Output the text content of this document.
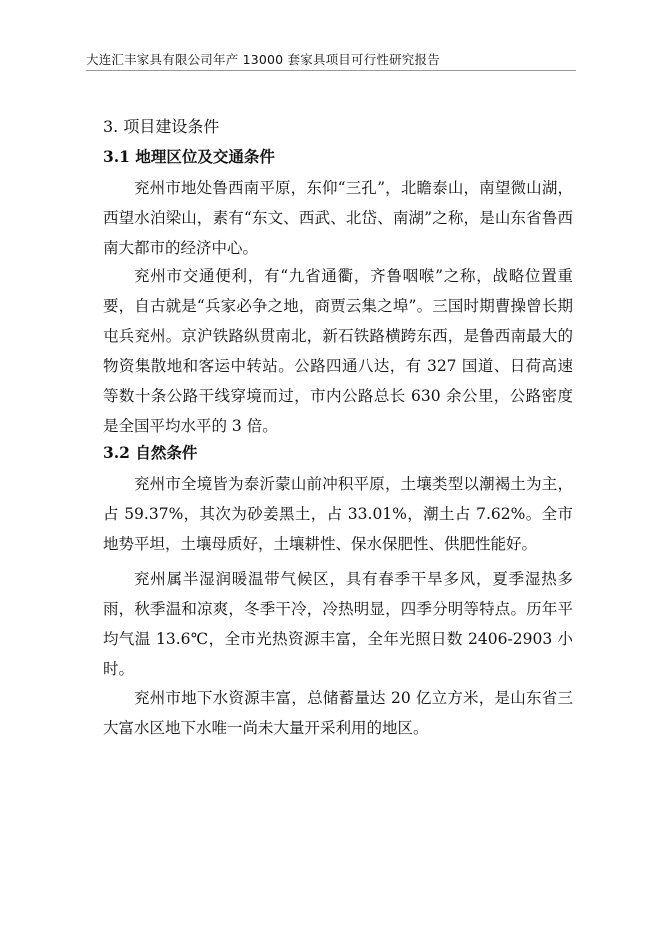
大连汇丰家具有限公司年产 13000 套家具项目可行性研究报告
3. 项目建设条件
3.1 地理区位及交通条件

兖州市地处鲁西南平原，东仰“三孔”，北瞻泰山，南望微山湖，西望水泊梁山，素有“东文、西武、北岱、南湖”之称，是山东省鲁西南大都市的经济中心。

兖州市交通便利，有“九省通衢，齐鲁咽喉”之称，战略位置重要，自古就是“兵家必争之地，商贾云集之埠”。三国时期曹操曾长期屯兵兖州。京沪铁路纵贯南北，新石铁路横跨东西，是鲁西南最大的物资集散地和客运中转站。公路四通八达，有 327 国道、日荷高速等数十条公路干线穿境而过，市内公路总长 630 余公里，公路密度是全国平均水平的 3 倍。

3.2 自然条件

兖州市全境皆为泰沂蒙山前冲积平原，土壤类型以潮褐土为主，占 59.37%，其次为砂姜黑土，占 33.01%，潮土占 7.62%。全市地势平坦，土壤母质好，土壤耕性、保水保肥性、供肥性能好。

兖州属半湿润暖温带气候区，具有春季干旱多风，夏季湿热多雨，秋季温和凉爽，冬季干冷，冷热明显，四季分明等特点。历年平均气温 13.6℃，全市光热资源丰富，全年光照日数 2406-2903 小时。

兖州市地下水资源丰富，总储蓄量达 20 亿立方米，是山东省三大富水区地下水唯一尚未大量开采利用的地区。
